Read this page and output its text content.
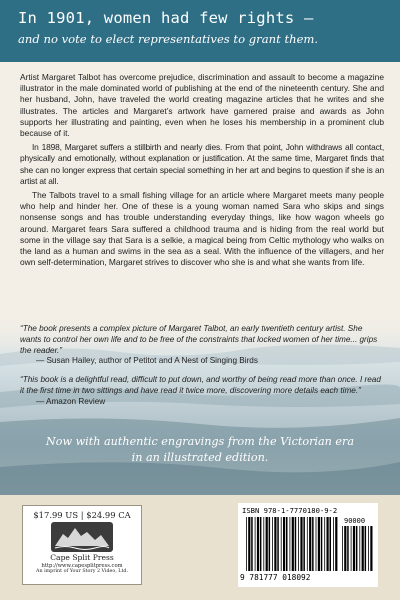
In 1901, women had few rights –

and no vote to elect representatives to grant them.

Artist Margaret Talbot has overcome prejudice, discrimination and assault to become a magazine illustrator in the male dominated world of publishing at the end of the nineteenth century. She and her husband, John, have traveled the world creating magazine articles that he writes and she illustrates. The articles and Margaret’s artwork have garnered praise and awards as John supports her illustrating and painting, even when he loses his membership in a prominent club because of it.

In 1898, Margaret suffers a stillbirth and nearly dies. From that point, John withdraws all contact, physically and emotionally, without explanation or justification. At the same time, Margaret finds that she can no longer express that certain special something in her art and begins to question if she is an artist at all.

The Talbots travel to a small fishing village for an article where Margaret meets many people who help and hinder her. One of these is a young woman named Sara who skips and sings nonsense songs and has trouble understanding everyday things, like how wagon wheels go around. Margaret fears Sara suffered a childhood trauma and is hiding from the real world but some in the village say that Sara is a selkie, a magical being from Celtic mythology who walks on the land as a human and swims in the sea as a seal. With the influence of the villagers, and her own self-determination, Margaret strives to discover who she is and what she wants from life.

“The book presents a complex picture of Margaret Talbot, an early twentieth century artist. She wants to control her own life and to be free of the constraints that locked women of her time... grips the reader.”

— Susan Hailey, author of Petitot and A Nest of Singing Birds

“This book is a delightful read, difficult to put down, and worthy of being read more than once. I read it the first time in two sittings and have read it twice more, discovering more details each time.”

— Amazon Review

Now with authentic engravings from the Victorian era
in an illustrated edition.
$17.99 US | $24.99 CA
Cape Split Press
http://www.capesplitpress.com
An imprint of Your Story 2 Video, Ltd.
ISBN 978-1-7770180-9-2
90000
9 781777 018092
